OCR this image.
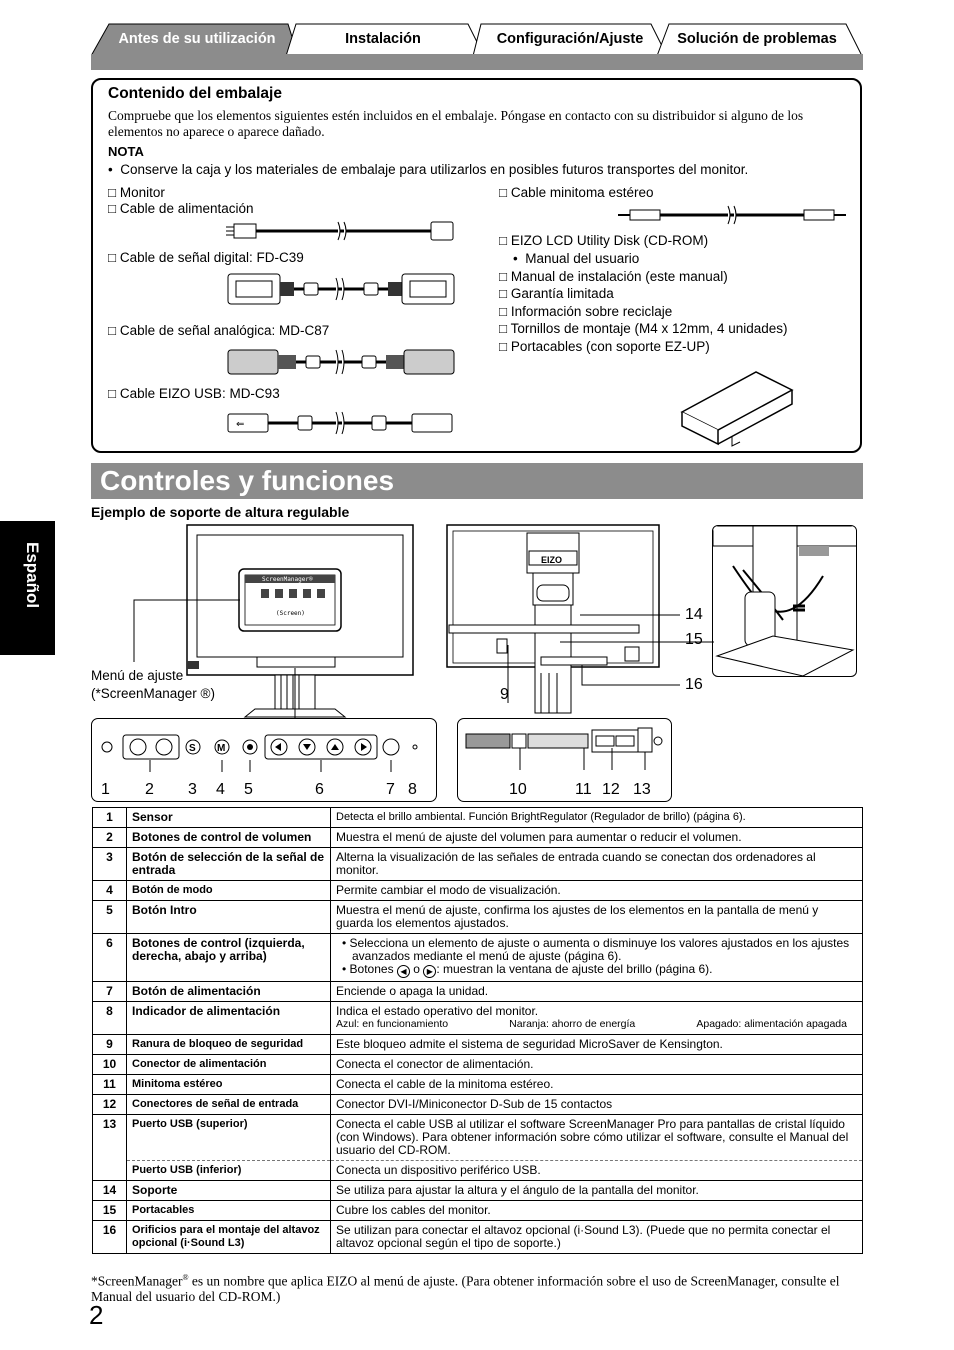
Antes de su utilización	Instalación	Configuración/Ajuste	Solución de problemas
Contenido del embalaje
Compruebe que los elementos siguientes estén incluidos en el embalaje. Póngase en contacto con su distribuidor si alguno de los elementos no aparece o aparece dañado.
NOTA
•  Conserve la caja y los materiales de embalaje para utilizarlos en posibles futuros transportes del monitor.
□ Monitor
□ Cable de alimentación
□ Cable de señal digital: FD-C39
□ Cable de señal analógica: MD-C87
□ Cable EIZO USB: MD-C93
□ Cable minitoma estéreo
□ EIZO LCD Utility Disk (CD-ROM)
•  Manual del usuario
□ Manual de instalación (este manual)
□ Garantía limitada
□ Información sobre reciclaje
□ Tornillos de montaje (M4 x 12mm, 4 unidades)
□ Portacables (con soporte EZ-UP)
⇐
Controles y funciones
Español
Ejemplo de soporte de altura regulable
ScreenManager®
(Screen)
Menú de ajuste
(*ScreenManager ®)
S M
1 2 3 4 5	6	7 8
EIZO
14
15
16
9
10	11 12 13
1	Sensor	Detecta el brillo ambiental. Función BrightRegulator (Regulador de brillo) (página 6).
2	Botones de control de volumen	Muestra el menú de ajuste del volumen para aumentar o reducir el volumen.
3	Botón de selección de la señal de entrada	Alterna la visualización de las señales de entrada cuando se conectan dos ordenadores al monitor.
4	Botón de modo	Permite cambiar el modo de visualización.
5	Botón Intro	Muestra el menú de ajuste, confirma los ajustes de los elementos en la pantalla de menú y guarda los elementos ajustados.
6	Botones de control (izquierda, derecha, abajo y arriba)	• Selecciona un elemento de ajuste o aumenta o disminuye los valores ajustados en los ajustes avanzados mediante el menú de ajuste (página 6).
• Botones ◀ o ▶ : muestran la ventana de ajuste del brillo (página 6).

7	Botón de alimentación	Enciende o apaga la unidad.
8	Indicador de alimentación	Indica el estado operativo del monitor.
Azul: en funcionamiento Naranja: ahorro de energía Apagado: alimentación apagada

9	Ranura de bloqueo de seguridad	Este bloqueo admite el sistema de seguridad MicroSaver de Kensington.
10	Conector de alimentación	Conecta el conector de alimentación.
11	Minitoma estéreo	Conecta el cable de la minitoma estéreo.
12	Conectores de señal de entrada	Conector DVI-I/Miniconector D-Sub de 15 contactos
13	Puerto USB (superior)	Conecta el cable USB al utilizar el software ScreenManager Pro para pantallas de cristal líquido (con Windows). Para obtener información sobre cómo utilizar el software, consulte el Manual del usuario del CD-ROM.
	Puerto USB (inferior)	Conecta un dispositivo periférico USB.
14	Soporte	Se utiliza para ajustar la altura y el ángulo de la pantalla del monitor.
15	Portacables	Cubre los cables del monitor.
16	Orificios para el montaje del altavoz opcional (i·Sound L3)	Se utilizan para conectar el altavoz opcional (i·Sound L3). (Puede que no permita conectar el altavoz opcional según el tipo de soporte.)
*ScreenManager® es un nombre que aplica EIZO al menú de ajuste. (Para obtener información sobre el uso de ScreenManager, consulte el Manual del usuario del CD-ROM.)
2
